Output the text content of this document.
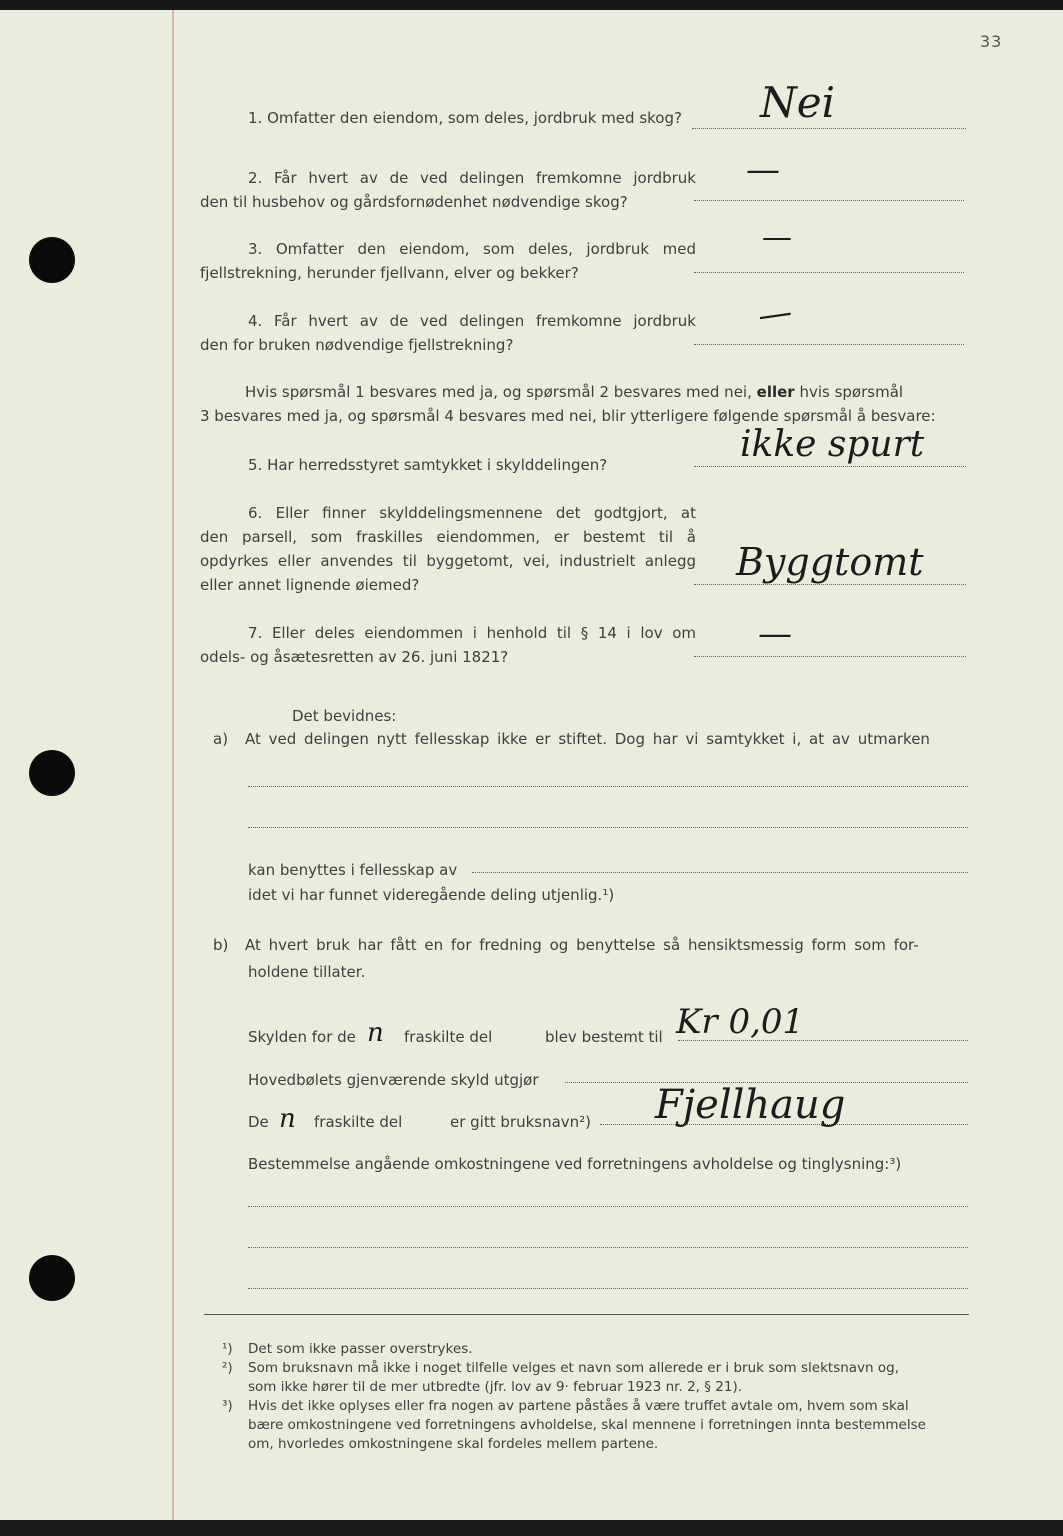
33
1. Omfatter den eiendom, som deles, jordbruk med skog? Nei
2. Får hvert av de ved delingen fremkomne jordbruk
den til husbehov og gårdsfornødenhet nødvendige skog?
—
3. Omfatter den eiendom, som deles, jordbruk med
fjellstrekning, herunder fjellvann, elver og bekker?
—
4. Får hvert av de ved delingen fremkomne jordbruk
den for bruken nødvendige fjellstrekning?
—
Hvis spørsmål 1 besvares med ja, og spørsmål 2 besvares med nei, eller hvis spørsmål
3 besvares med ja, og spørsmål 4 besvares med nei, blir ytterligere følgende spørsmål å besvare:
5. Har herredsstyret samtykket i skylddelingen?	ikke spurt
6. Eller finner skylddelingsmennene det godtgjort, at
den parsell, som fraskilles eiendommen, er bestemt til å
opdyrkes eller anvendes til byggetomt, vei, industrielt anlegg
eller annet lignende øiemed?
Byggtomt
7. Eller deles eiendommen i henhold til § 14 i lov om
odels- og åsætesretten av 26. juni 1821?
—
Det bevidnes:
a) At ved delingen nytt fellesskap ikke er stiftet. Dog har vi samtykket i, at av utmarken
kan benyttes i fellesskap av
idet vi har funnet videregående deling utjenlig.¹)
b) At hvert bruk har fått en for fredning og benyttelse så hensiktsmessig form som for-
holdene tillater.
Skylden for de n fraskilte del	blev bestemt til Kr 0,01
Hovedbølets gjenværende skyld utgjør
De n fraskilte del	er gitt bruksnavn²) Fjellhaug
Bestemmelse angående omkostningene ved forretningens avholdelse og tinglysning:³)
¹) Det som ikke passer overstrykes.
²) Som bruksnavn må ikke i noget tilfelle velges et navn som allerede er i bruk som slektsnavn og,
som ikke hører til de mer utbredte (jfr. lov av 9· februar 1923 nr. 2, § 21).
³) Hvis det ikke oplyses eller fra nogen av partene påståes å være truffet avtale om, hvem som skal
bære omkostningene ved forretningens avholdelse, skal mennene i forretningen innta bestemmelse
om, hvorledes omkostningene skal fordeles mellem partene.
